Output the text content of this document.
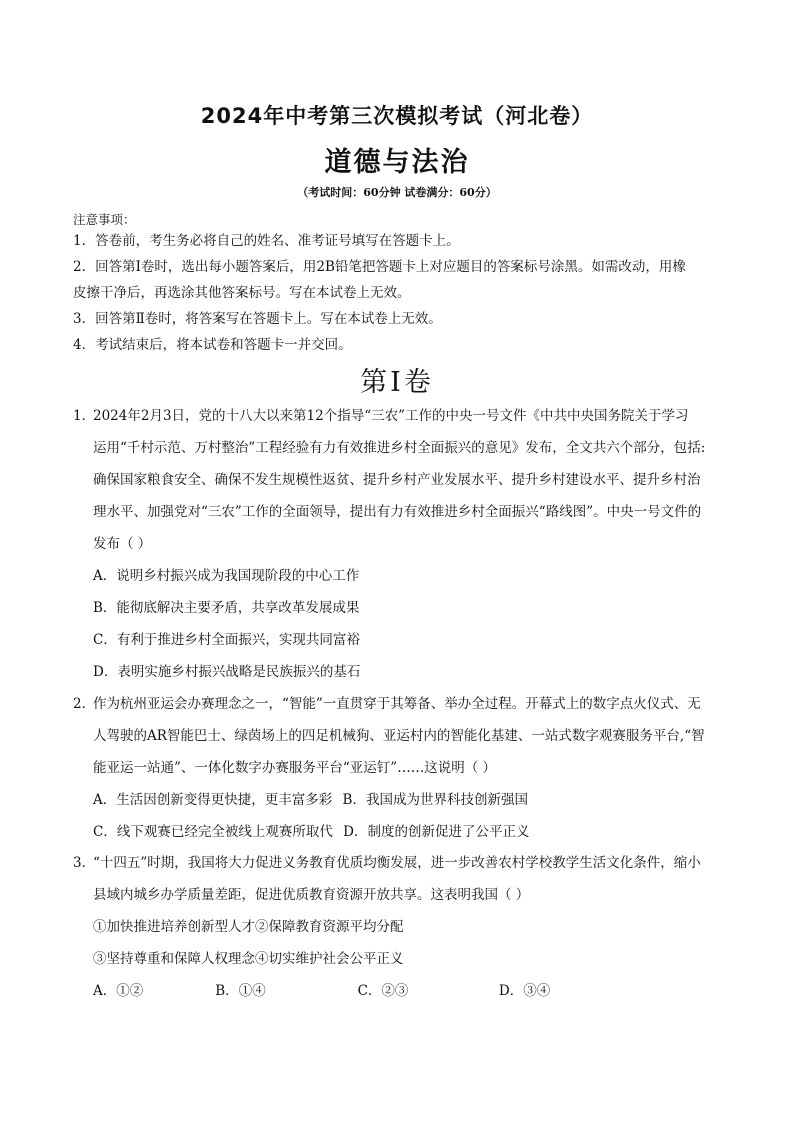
2024年中考第三次模拟考试（河北卷）
道德与法治
（考试时间：60分钟 试卷满分：60分）
注意事项：
1．答卷前，考生务必将自己的姓名、准考证号填写在答题卡上。
2．回答第Ⅰ卷时，选出每小题答案后，用2B铅笔把答题卡上对应题目的答案标号涂黑。如需改动，用橡
皮擦干净后，再选涂其他答案标号。写在本试卷上无效。
3．回答第Ⅱ卷时，将答案写在答题卡上。写在本试卷上无效。
4．考试结束后，将本试卷和答题卡一并交回。
第Ⅰ卷
1．2024年2月3日，党的十八大以来第12个指导“三农”工作的中央一号文件《中共中央国务院关于学习
运用“千村示范、万村整治”工程经验有力有效推进乡村全面振兴的意见》发布，全文共六个部分，包括:
确保国家粮食安全、确保不发生规模性返贫、提升乡村产业发展水平、提升乡村建设水平、提升乡村治
理水平、加强党对“三农”工作的全面领导，提出有力有效推进乡村全面振兴“路线图”。中央一号文件的
发布（ ）
A．说明乡村振兴成为我国现阶段的中心工作
B．能彻底解决主要矛盾，共享改革发展成果
C．有利于推进乡村全面振兴，实现共同富裕
D．表明实施乡村振兴战略是民族振兴的基石
2．作为杭州亚运会办赛理念之一，“智能”一直贯穿于其筹备、举办全过程。开幕式上的数字点火仪式、无
人驾驶的AR智能巴士、绿茵场上的四足机械狗、亚运村内的智能化基建、一站式数字观赛服务平台,“智
能亚运一站通”、一体化数字办赛服务平台“亚运钉”……这说明（ ）
A．生活因创新变得更快捷，更丰富多彩 B．我国成为世界科技创新强国
C．线下观赛已经完全被线上观赛所取代 D．制度的创新促进了公平正义
3．“十四五”时期，我国将大力促进义务教育优质均衡发展，进一步改善农村学校教学生活文化条件，缩小
县域内城乡办学质量差距，促进优质教育资源开放共享。这表明我国（ ）
①加快推进培养创新型人才②保障教育资源平均分配
③坚持尊重和保障人权理念④切实维护社会公平正义
A．①②	B．①④	C．②③	D．③④
